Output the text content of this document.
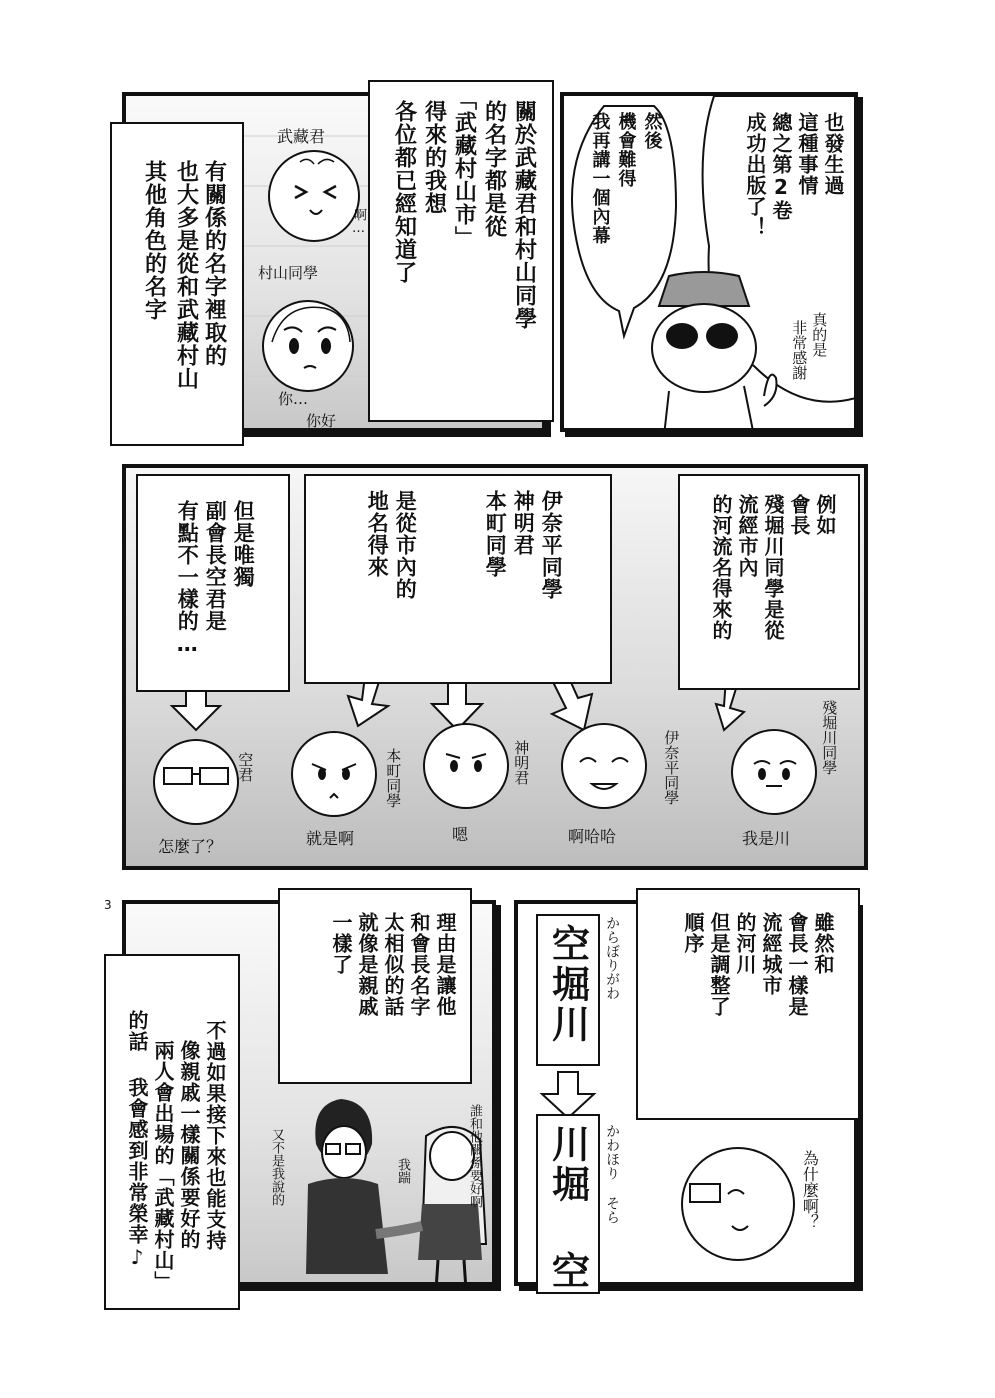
3
其他角色的名字 也大多是從和武藏村山 有關係的名字裡取的
武藏君
啊…
村山同學
你…
你好
關於武藏君和村山同學
的名字都是從
「武藏村山市」
得來的我想
各位都已經知道了	也發生過
這種事情
總之第2卷
成功出版了！
然後
機會難得
我再講一個內幕
真的是
非常感謝
但是唯獨
副會長空君是
有點不一樣的…	伊奈平同學
神明君
本町同學
是從市內的
地名得來	例如
會長
殘堀川同學是從
流經市內
的河流名得來的
空君
怎麼了？
本町同學
就是啊
神明君
嗯
伊奈平同學
啊哈哈
殘堀川同學
我是川
不過如果接下來也能支持
像親戚一樣關係要好的
兩人會出場的「武藏村山」
的話 我會感到非常榮幸♪
理由是讓他
和會長名字
太相似的話
就像是親戚
一樣了
又不是我說的	誰和他關係要好啊
我踹
空堀川 からぼりがわ
川堀 空 かわほり そら
雖然和
會長一樣是
流經城市
的河川
但是調整了
順序
為什麼啊？
